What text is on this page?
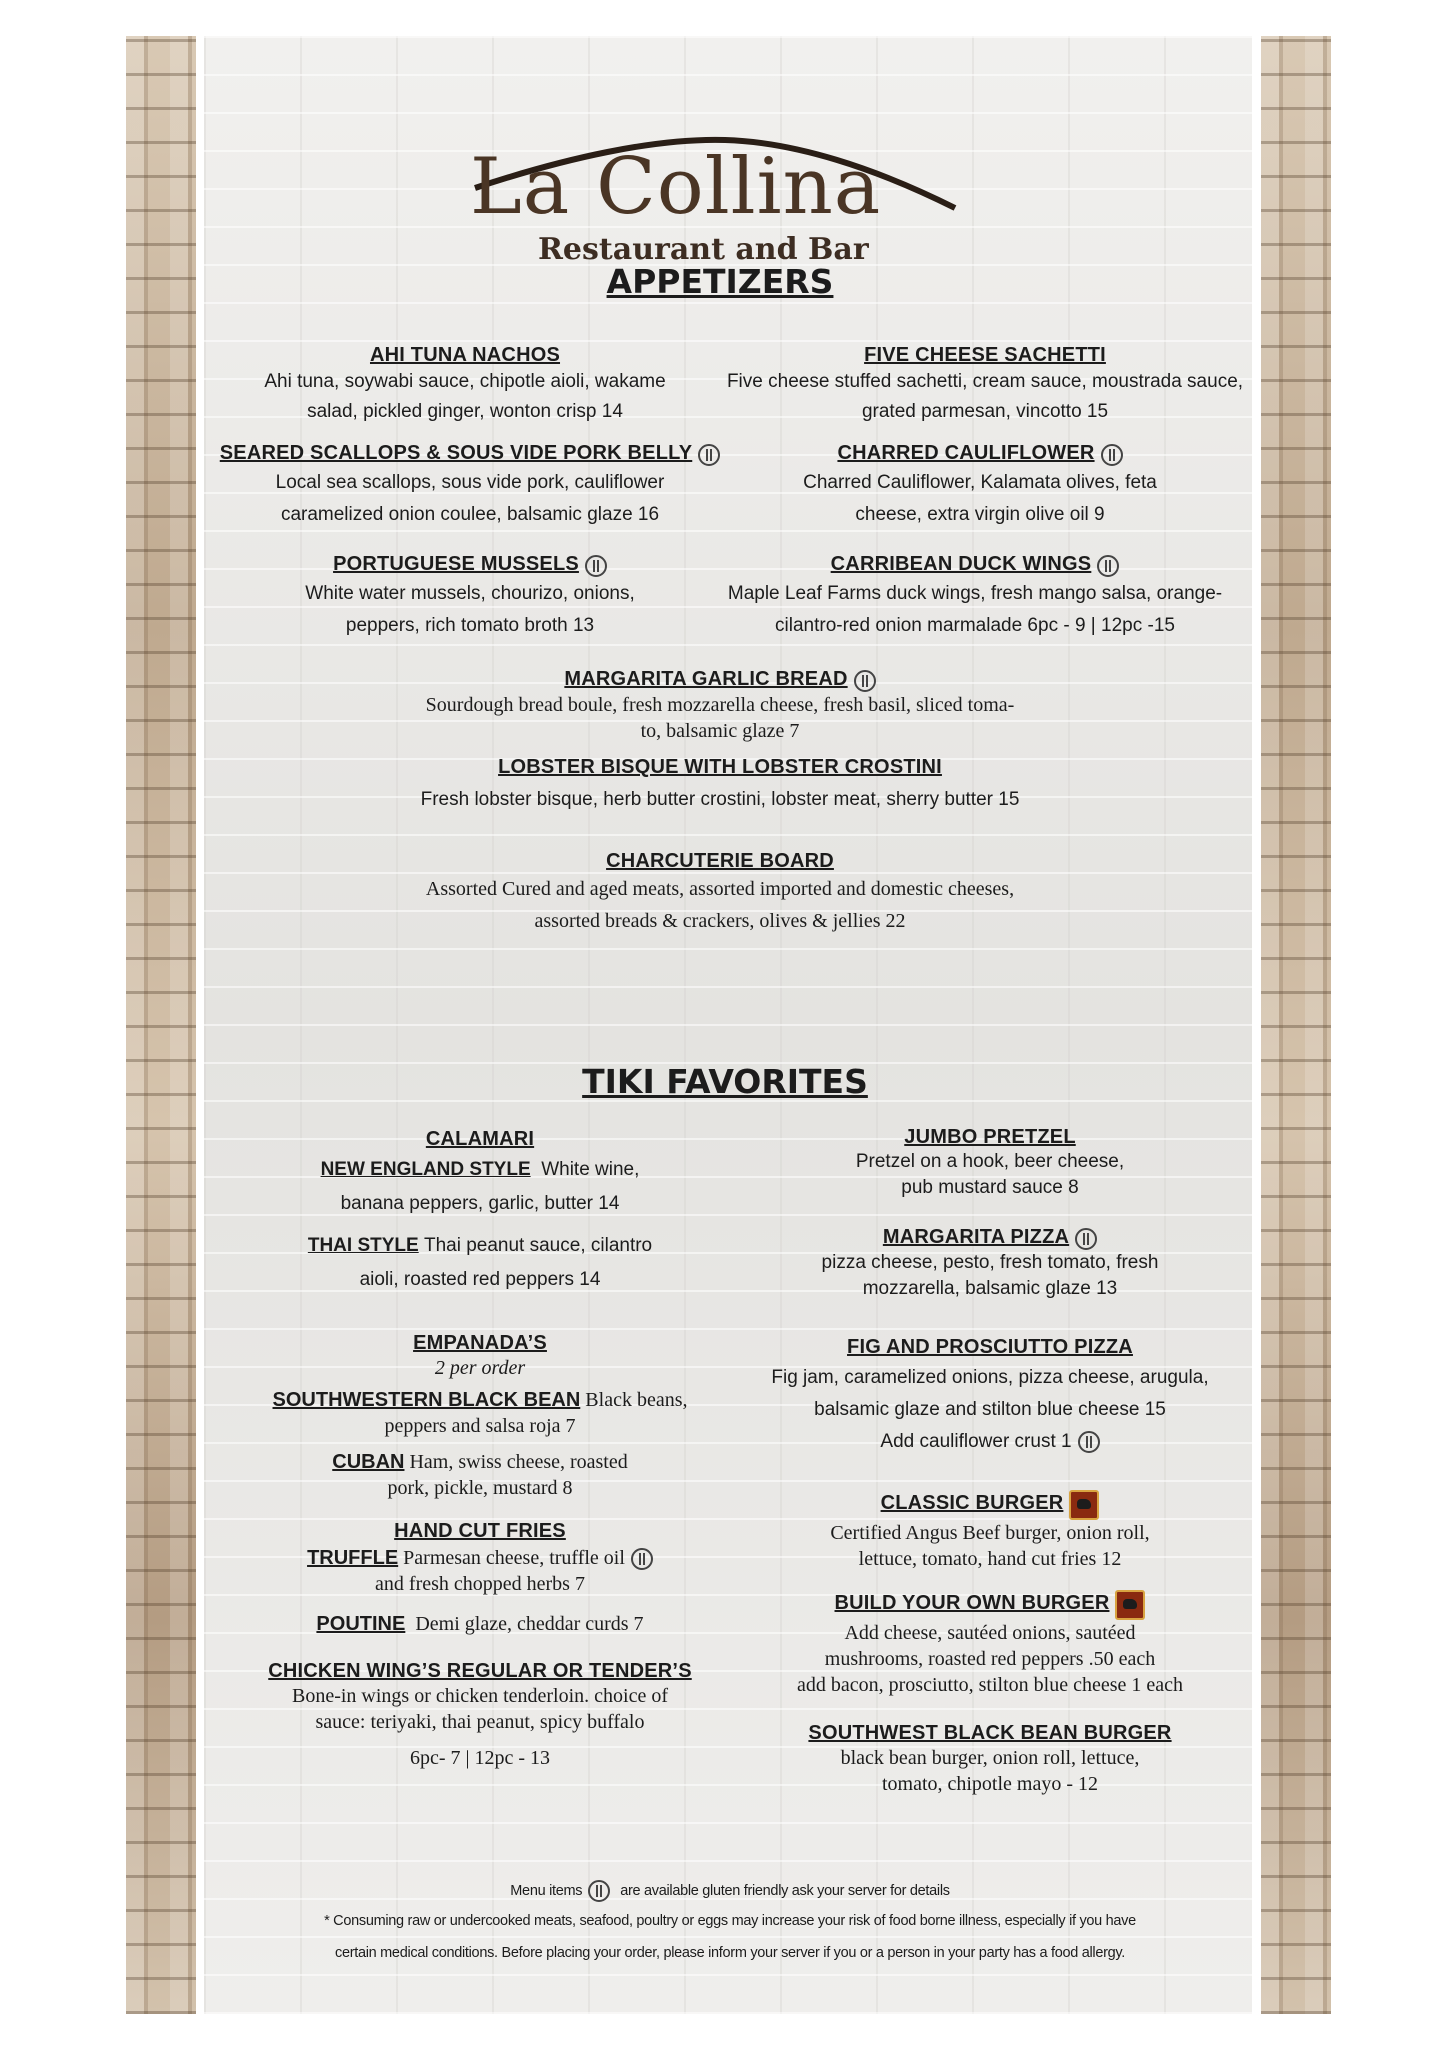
La Collina
Restaurant and Bar
APPETIZERS
AHI TUNA NACHOS
Ahi tuna, soywabi sauce, chipotle aioli, wakame
salad, pickled ginger, wonton crisp 14
FIVE CHEESE SACHETTI
Five cheese stuffed sachetti, cream sauce, moustrada sauce,
grated parmesan, vincotto 15
SEARED SCALLOPS & SOUS VIDE PORK BELLY
Local sea scallops, sous vide pork, cauliflower
caramelized onion coulee, balsamic glaze 16
CHARRED CAULIFLOWER
Charred Cauliflower, Kalamata olives, feta
cheese, extra virgin olive oil 9
PORTUGUESE MUSSELS
White water mussels, chourizo, onions,
peppers, rich tomato broth 13
CARRIBEAN DUCK WINGS
Maple Leaf Farms duck wings, fresh mango salsa, orange-
cilantro-red onion marmalade 6pc - 9 | 12pc -15
MARGARITA GARLIC BREAD
Sourdough bread boule, fresh mozzarella cheese, fresh basil, sliced toma-
to, balsamic glaze 7
LOBSTER BISQUE WITH LOBSTER CROSTINI
Fresh lobster bisque, herb butter crostini, lobster meat, sherry butter 15
CHARCUTERIE BOARD
Assorted Cured and aged meats, assorted imported and domestic cheeses,
assorted breads & crackers, olives & jellies 22
TIKI FAVORITES
CALAMARI
NEW ENGLAND STYLE White wine,
banana peppers, garlic, butter 14
THAI STYLE Thai peanut sauce, cilantro
aioli, roasted red peppers 14
EMPANADA’S
2 per order
SOUTHWESTERN BLACK BEAN Black beans,
peppers and salsa roja 7
CUBAN Ham, swiss cheese, roasted
pork, pickle, mustard 8
HAND CUT FRIES
TRUFFLE Parmesan cheese, truffle oil
and fresh chopped herbs 7
POUTINE Demi glaze, cheddar curds 7
CHICKEN WING’S REGULAR OR TENDER’S
Bone-in wings or chicken tenderloin. choice of
sauce: teriyaki, thai peanut, spicy buffalo
6pc- 7 | 12pc - 13
JUMBO PRETZEL
Pretzel on a hook, beer cheese,
pub mustard sauce 8
MARGARITA PIZZA
pizza cheese, pesto, fresh tomato, fresh
mozzarella, balsamic glaze 13
FIG AND PROSCIUTTO PIZZA
Fig jam, caramelized onions, pizza cheese, arugula,
balsamic glaze and stilton blue cheese 15
Add cauliflower crust 1
CLASSIC BURGER
Certified Angus Beef burger, onion roll,
lettuce, tomato, hand cut fries 12
BUILD YOUR OWN BURGER
Add cheese, sautéed onions, sautéed
mushrooms, roasted red peppers .50 each
add bacon, prosciutto, stilton blue cheese 1 each
SOUTHWEST BLACK BEAN BURGER
black bean burger, onion roll, lettuce,
tomato, chipotle mayo - 12
Menu items	are available gluten friendly ask your server for details
* Consuming raw or undercooked meats, seafood, poultry or eggs may increase your risk of food borne illness, especially if you have
certain medical conditions. Before placing your order, please inform your server if you or a person in your party has a food allergy.
